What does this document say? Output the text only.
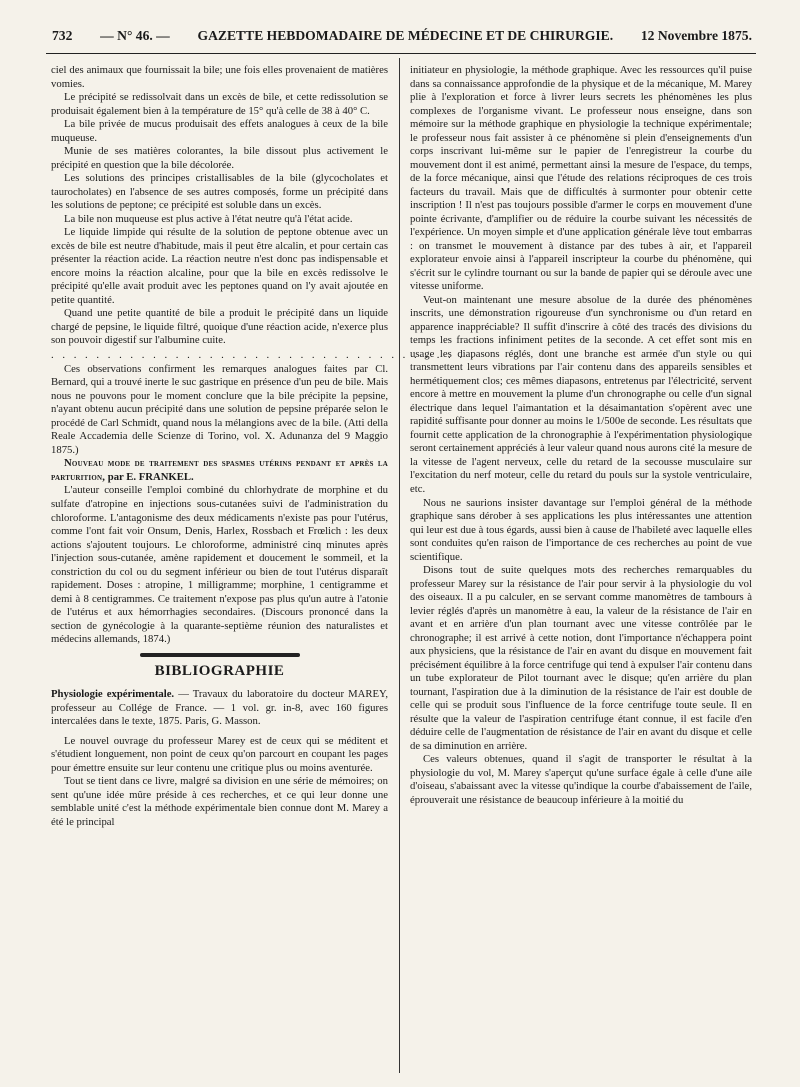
732 — N° 46. — GAZETTE HEBDOMADAIRE DE MÉDECINE ET DE CHIRURGIE. 12 Novembre 1875.

ciel des animaux que fournissait la bile; une fois elles provenaient de matières vomies.

Le précipité se redissolvait dans un excès de bile, et cette redissolution se produisait également bien à la température de 15° qu'à celle de 38 à 40° C.

La bile privée de mucus produisait des effets analogues à ceux de la bile muqueuse.

Munie de ses matières colorantes, la bile dissout plus activement le précipité en question que la bile décolorée.

Les solutions des principes cristallisables de la bile (glycocholates et taurocholates) en l'absence de ses autres composés, forme un précipité dans les solutions de peptone; ce précipité est soluble dans un excès.

La bile non muqueuse est plus active à l'état neutre qu'à l'état acide.

Le liquide limpide qui résulte de la solution de peptone obtenue avec un excès de bile est neutre d'habitude, mais il peut être alcalin, et pour certain cas présenter la réaction acide. La réaction neutre n'est donc pas indispensable et encore moins la réaction alcaline, pour que la bile en excès redissolve le précipité qu'elle avait produit avec les peptones quand on l'y avait ajoutée en petite quantité.

Quand une petite quantité de bile a produit le précipité dans un liquide chargé de pepsine, le liquide filtré, quoique d'une réaction acide, n'exerce plus son pouvoir digestif sur l'albumine cuite.

. . . . . . . . . . . . . . . . . . . . . . . . . . . . . . . . . . . . . .

Ces observations confirment les remarques analogues faites par Cl. Bernard, qui a trouvé inerte le suc gastrique en présence d'un peu de bile. Mais nous ne pouvons pour le moment conclure que la bile précipite la pepsine, n'ayant obtenu aucun précipité dans une solution de pepsine préparée selon le procédé de Carl Schmidt, quand nous la mélangions avec de la bile. (Atti della Reale Accademia delle Scienze di Torino, vol. X. Adunanza del 9 Maggio 1875.)

Nouveau mode de traitement des spasmes utérins pendant et après la parturition, par E. FRANKEL.

L'auteur conseille l'emploi combiné du chlorhydrate de morphine et du sulfate d'atropine en injections sous-cutanées suivi de l'administration du chloroforme. L'antagonisme des deux médicaments n'existe pas pour l'utérus, comme l'ont fait voir Onsum, Denis, Harlex, Rossbach et Frœlich : les deux actions s'ajoutent toujours. Le chloroforme, administré cinq minutes après l'injection sous-cutanée, amène rapidement et doucement le sommeil, et la constriction du col ou du segment inférieur ou bien de tout l'utérus disparaît rapidement. Doses : atropine, 1 milligramme; morphine, 1 centigramme et demi à 8 centigrammes. Ce traitement n'expose pas plus qu'un autre à l'atonie de l'utérus et aux hémorrhagies secondaires. (Discours prononcé dans la section de gynécologie à la quarante-septième réunion des naturalistes et médecins allemands, 1874.)

BIBLIOGRAPHIE

Physiologie expérimentale. — Travaux du laboratoire du docteur MAREY, professeur au Collége de France. — 1 vol. gr. in-8, avec 160 figures intercalées dans le texte, 1875. Paris, G. Masson.

Le nouvel ouvrage du professeur Marey est de ceux qui se méditent et s'étudient longuement, non point de ceux qu'on parcourt en coupant les pages pour émettre ensuite sur leur contenu une critique plus ou moins aventurée.

Tout se tient dans ce livre, malgré sa division en une série de mémoires; on sent qu'une idée mûre préside à ces recherches, et ce qui leur donne une semblable unité c'est la méthode expérimentale bien connue dont M. Marey a été le principal

initiateur en physiologie, la méthode graphique. Avec les ressources qu'il puise dans sa connaissance approfondie de la physique et de la mécanique, M. Marey plie à l'exploration et force à livrer leurs secrets les phénomènes les plus complexes de l'organisme vivant. Le professeur nous enseigne, dans son mémoire sur la méthode graphique en physiologie la technique expérimentale; le professeur nous fait assister à ce phénomène si plein d'enseignements d'un corps inscrivant lui-même sur le papier de l'enregistreur la courbe du mouvement dont il est animé, permettant ainsi la mesure de l'espace, du temps, de la force mécanique, ainsi que l'étude des relations réciproques de ces trois facteurs du travail. Mais que de difficultés à surmonter pour obtenir cette inscription ! Il n'est pas toujours possible d'armer le corps en mouvement d'une pointe écrivante, d'amplifier ou de réduire la courbe suivant les nécessités de l'expérience. Un moyen simple et d'une application générale lève tout embarras : on transmet le mouvement à distance par des tubes à air, et l'appareil explorateur envoie ainsi à l'appareil inscripteur la courbe du phénomène, qui s'écrit sur le cylindre tournant ou sur la bande de papier qui se déroule avec une vitesse uniforme.

Veut-on maintenant une mesure absolue de la durée des phénomènes inscrits, une démonstration rigoureuse d'un synchronisme ou d'un retard en apparence inappréciable? Il suffit d'inscrire à côté des tracés des divisions du temps les fractions infiniment petites de la seconde. A cet effet sont mis en usage les diapasons réglés, dont une branche est armée d'un style ou qui transmettent leurs vibrations par l'air contenu dans des appareils sensibles et hermétiquement clos; ces mêmes diapasons, entretenus par l'électricité, servent encore à mettre en mouvement la plume d'un chronographe ou celle d'un signal électrique dans lequel l'aimantation et la désaimantation s'opèrent avec une rapidité suffisante pour donner au moins le 1/500e de seconde. Les résultats que fournit cette application de la chronographie à l'expérimentation physiologique seront certainement appréciés à leur valeur quand nous aurons cité la mesure de la vitesse de l'agent nerveux, celle du retard de la secousse musculaire sur l'excitation du nerf moteur, celle du retard du pouls sur la systole ventriculaire, etc.

Nous ne saurions insister davantage sur l'emploi général de la méthode graphique sans dérober à ses applications les plus intéressantes une attention qui leur est due à tous égards, aussi bien à cause de l'habileté avec laquelle elles sont conduites qu'en raison de l'importance de ces recherches au point de vue scientifique.

Disons tout de suite quelques mots des recherches remarquables du professeur Marey sur la résistance de l'air pour servir à la physiologie du vol des oiseaux. Il a pu calculer, en se servant comme manomètres de tambours à levier réglés d'après un manomètre à eau, la valeur de la résistance de l'air en avant et en arrière d'un plan tournant avec une vitesse contrôlée par le chronographe; il est arrivé à cette notion, dont l'importance n'échappera point aux physiciens, que la résistance de l'air en avant du disque en mouvement fait précisément équilibre à la force centrifuge qui tend à expulser l'air contenu dans un tube explorateur de Pilot tournant avec le disque; qu'en arrière du plan tournant, l'aspiration due à la diminution de la résistance de l'air est double de celle qui se produit sous l'influence de la force centrifuge toute seule. Il en résulte que la valeur de l'aspiration centrifuge étant connue, il est facile d'en déduire celle de l'augmentation de résistance de l'air en avant du disque et celle de sa diminution en arrière.

Ces valeurs obtenues, quand il s'agit de transporter le résultat à la physiologie du vol, M. Marey s'aperçut qu'une surface égale à celle d'une aile d'oiseau, s'abaissant avec la vitesse qu'indique la courbe d'abaissement de l'aile, éprouverait une résistance de beaucoup inférieure à la moitié du
